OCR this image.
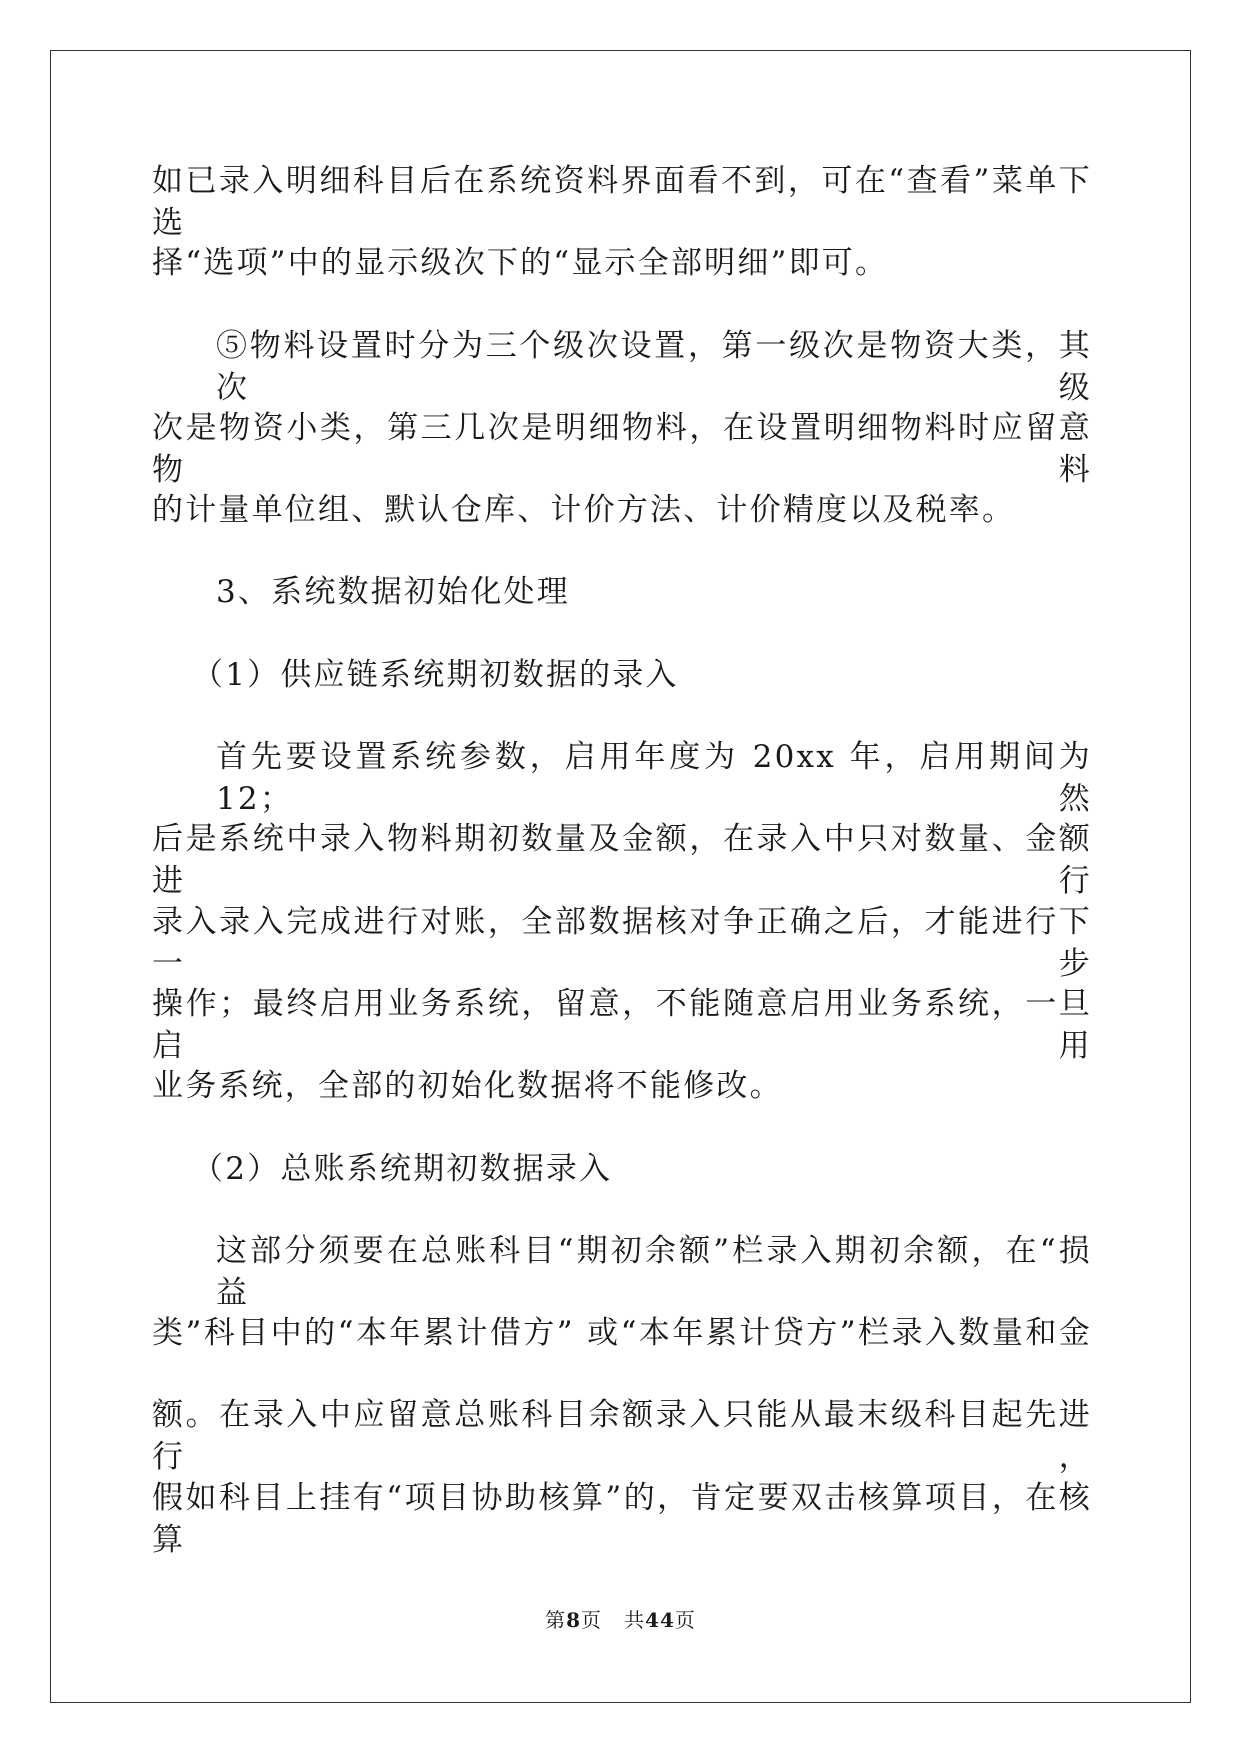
如已录入明细科目后在系统资料界面看不到，可在“查看”菜单下选
择“选项”中的显示级次下的“显示全部明细”即可。
⑤物料设置时分为三个级次设置，第一级次是物资大类，其次级
次是物资小类，第三几次是明细物料，在设置明细物料时应留意物料
的计量单位组、默认仓库、计价方法、计价精度以及税率。
3、系统数据初始化处理
（1）供应链系统期初数据的录入
首先要设置系统参数，启用年度为 20xx 年，启用期间为 12；然
后是系统中录入物料期初数量及金额，在录入中只对数量、金额进行
录入录入完成进行对账，全部数据核对争正确之后，才能进行下一步
操作；最终启用业务系统，留意，不能随意启用业务系统，一旦启用
业务系统，全部的初始化数据将不能修改。
（2）总账系统期初数据录入
这部分须要在总账科目“期初余额”栏录入期初余额，在“损益
类”科目中的“本年累计借方” 或“本年累计贷方”栏录入数量和金
额。在录入中应留意总账科目余额录入只能从最末级科目起先进行，
假如科目上挂有“项目协助核算”的，肯定要双击核算项目，在核算
第8页 共44页
